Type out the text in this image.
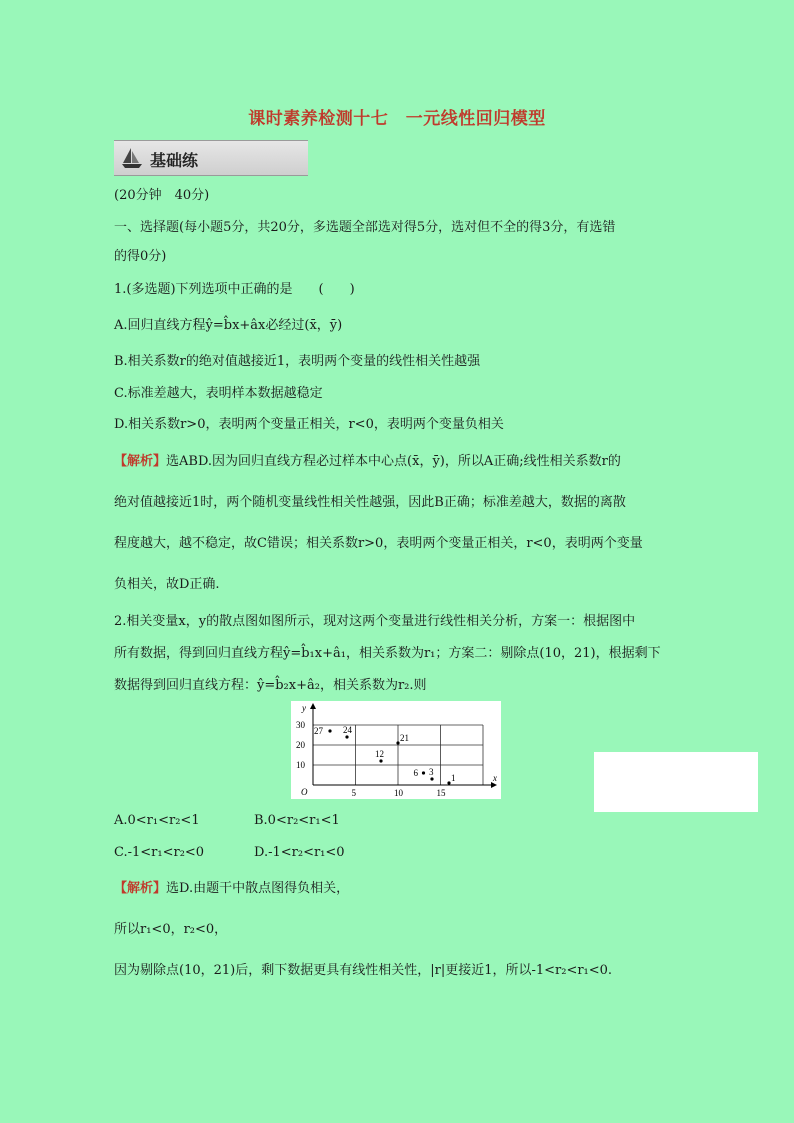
课时素养检测十七　一元线性回归模型
基础练
(20分钟　40分)
一、选择题(每小题5分，共20分，多选题全部选对得5分，选对但不全的得3分，有选错
的得0分)
1.(多选题)下列选项中正确的是　　(　　)
A.回归直线方程ŷ=b̂x+âx必经过(x̄，ȳ)
B.相关系数r的绝对值越接近1，表明两个变量的线性相关性越强
C.标准差越大，表明样本数据越稳定
D.相关系数r>0，表明两个变量正相关，r<0，表明两个变量负相关
【解析】选ABD.因为回归直线方程必过样本中心点(x̄，ȳ)，所以A正确;线性相关系数r的
绝对值越接近1时，两个随机变量线性相关性越强，因此B正确；标准差越大，数据的离散
程度越大，越不稳定，故C错误；相关系数r>0，表明两个变量正相关，r<0，表明两个变量
负相关，故D正确.
2.相关变量x，y的散点图如图所示，现对这两个变量进行线性相关分析，方案一：根据图中
所有数据，得到回归直线方程ŷ=b̂₁x+â₁，相关系数为r₁；方案二：剔除点(10，21)，根据剩下
数据得到回归直线方程：ŷ=b̂₂x+â₂，相关系数为r₂.则
x
y
O	5	10	15
10
20
30
27 24
12
21
6 3
1
A.0<r₁<r₂<1	B.0<r₂<r₁<1
C.-1<r₁<r₂<0	D.-1<r₂<r₁<0
【解析】选D.由题干中散点图得负相关，
所以r₁<0，r₂<0，
因为剔除点(10，21)后，剩下数据更具有线性相关性，|r|更接近1，所以-1<r₂<r₁<0.
